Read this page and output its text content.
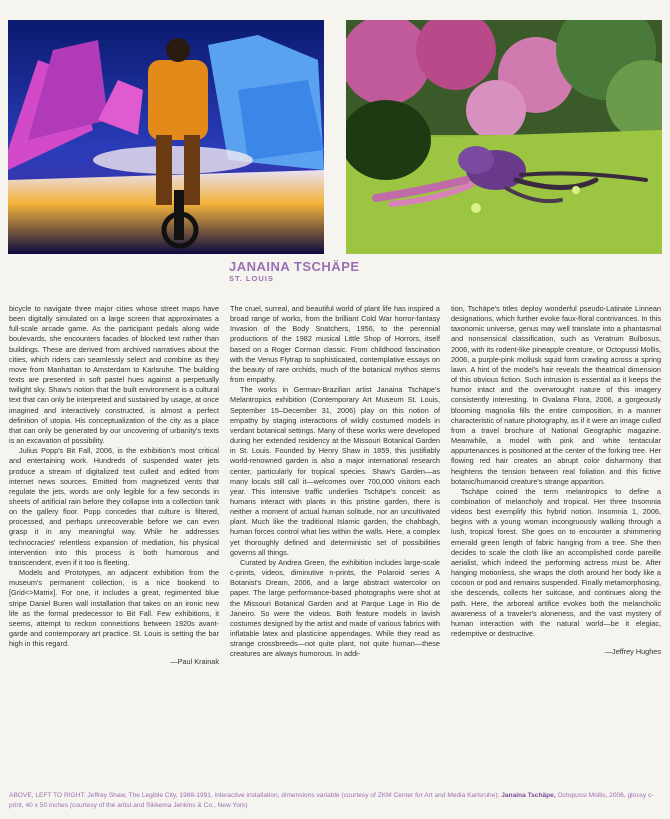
JANAINA TSCHÄPE
ST. LOUIS

bicycle to navigate three major cities whose street maps have been digitally simulated on a large screen that approximates a full-scale arcade game. As the participant pedals along wide boulevards, she encounters facades of blocked text rather than buildings. These are derived from archived narratives about the cities, which riders can seamlessly select and combine as they move from Manhattan to Amsterdam to Karlsruhe. The building texts are presented in soft pastel hues against a perpetually twilight sky. Shaw's notion that the built environment is a cultural text that can only be interpreted and sustained by usage, at once imagined and interactively constructed, is almost a perfect definition of utopia. His conceptualization of the city as a place that can only be generated by our uncovering of urbanity's texts is an excavation of possibility.

Julius Popp's Bit Fall, 2006, is the exhibition's most critical and entertaining work. Hundreds of suspended water jets produce a stream of digitalized text culled and edited from internet news sources. Emitted from magnetized vents that regulate the jets, words are only legible for a few seconds in sheets of artificial rain before they collapse into a collection tank on the gallery floor. Popp concedes that culture is filtered, processed, and perhaps unrecoverable before we can even grasp it in any meaningful way. While he addresses technocracies' relentless expansion of mediation, his physical intervention into this process is both humorous and transcendent, even if it too is fleeting.

Models and Prototypes, an adjacent exhibition from the museum's permanent collection, is a nice bookend to [Grid<>Matrix]. For one, it includes a great, regimented blue stripe Daniel Buren wall installation that takes on an ironic new life as the formal predecessor to Bit Fall. Few exhibitions, it seems, attempt to reckon connections between 1920s avant-garde and contemporary art practice. St. Louis is setting the bar high in this regard.

—Paul Krainak

The cruel, surreal, and beautiful world of plant life has inspired a broad range of works, from the brilliant Cold War horror-fantasy Invasion of the Body Snatchers, 1956, to the perennial productions of the 1982 musical Little Shop of Horrors, itself based on a Roger Corman classic. From childhood fascination with the Venus Flytrap to sophisticated, contemplative essays on the beauty of rare orchids, much of the botanical mythos stems from empathy.

The works in German-Brazilian artist Janaina Tschäpe's Melantropics exhibition (Contemporary Art Museum St. Louis, September 15–December 31, 2006) play on this notion of empathy by staging interactions of wildly costumed models in verdant botanical settings. Many of these works were developed during her extended residency at the Missouri Botanical Garden in St. Louis. Founded by Henry Shaw in 1859, this justifiably world-renowned garden is also a major international research center, particularly for tropical species. Shaw's Garden—as many locals still call it—welcomes over 700,000 visitors each year. This intensive traffic underlies Tschäpe's conceit: as humans interact with plants in this pristine garden, there is neither a moment of actual human solitude, nor an uncultivated plant. Much like the traditional Islamic garden, the chahbagh, human forces control what lies within the walls. Here, a complex yet thoroughly defined and deterministic set of possibilities governs all things.

Curated by Andrea Green, the exhibition includes large-scale c-prints, videos, diminutive n-prints, the Polaroid series A Botanist's Dream, 2006, and a large abstract watercolor on paper. The large performance-based photographs were shot at the Missouri Botanical Garden and at Parque Lage in Rio de Janeiro. So were the videos. Both feature models in lavish costumes designed by the artist and made of various fabrics with inflatable latex and plasticine appendages. While they read as strange crossbreeds—not quite plant, not quite human—these creatures are always humorous. In addi-

tion, Tschäpe's titles deploy wonderful pseudo-Latinate Linnean designations, which further evoke faux-floral contrivances. In this taxonomic universe, genus may well translate into a phantasmal and nonsensical classification, such as Veratrum Bulbosus, 2006, with its rodent-like pineapple creature, or Octopussi Mollis, 2006, a purple-pink mollusk squid form crawling across a spring lawn. A hint of the model's hair reveals the theatrical dimension of this obvious fiction. Such intrusion is essential as it keeps the humor intact and the overwrought nature of this imagery consistently interesting. In Ovalana Flora, 2006, a gorgeously blooming magnolia fills the entire composition, in a manner characteristic of nature photography, as if it were an image culled from a travel brochure of National Geographic magazine. Meanwhile, a model with pink and white tentacular appurtenances is positioned at the center of the forking tree. Her flowing red hair creates an abrupt color disharmony that heightens the tension between real foliation and this fictive botanic/humanoid creature's strange apparition.

Tschäpe coined the term melantropics to define a combination of melancholy and tropical. Her three Insomnia videos best exemplify this hybrid notion. Insomnia 1, 2006, begins with a young woman incongruously walking through a lush, tropical forest. She goes on to encounter a shimmering emerald green length of fabric hanging from a tree. She then decides to scale the cloth like an accomplished corde pareille aerialist, which indeed the performing actress must be. After hanging motionless, she wraps the cloth around her body like a cocoon or pod and remains suspended. Finally metamorphosing, she descends, collects her suitcase, and continues along the path. Here, the arboreal artifice evokes both the melancholic awareness of a traveler's aloneness, and the vast mystery of human interaction with the natural world—be it elegiac, redemptive or destructive.

—Jeffrey Hughes

ABOVE, LEFT TO RIGHT: Jeffrey Shaw, The Legible City, 1988-1991, interactive installation, dimensions variable (courtesy of ZKM Center for Art and Media Karlsruhe); Janaina Tschäpe, Octopussi Mollis, 2006, glossy c-print, 40 x 50 inches (courtesy of the artist and Sikkema Jenkins & Co., New York)
